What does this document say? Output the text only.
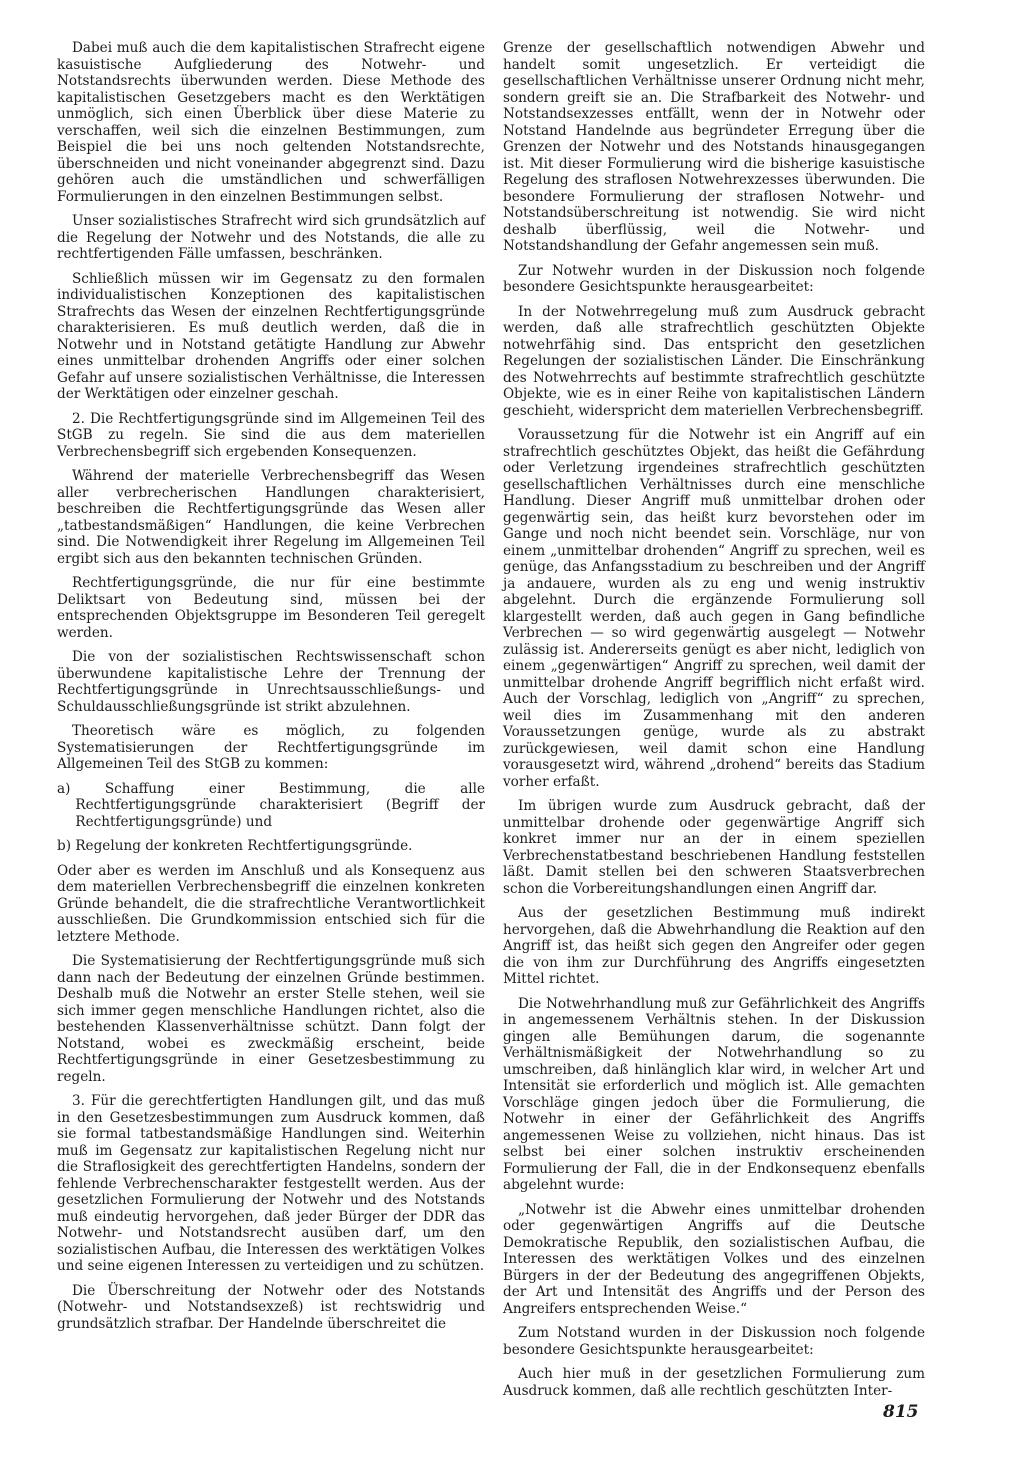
Dabei muß auch die dem kapitalistischen Strafrecht eigene kasuistische Aufgliederung des Notwehr- und Notstandsrechts überwunden werden. Diese Methode des kapitalistischen Gesetzgebers macht es den Werktätigen unmöglich, sich einen Überblick über diese Materie zu verschaffen, weil sich die einzelnen Bestimmungen, zum Beispiel die bei uns noch geltenden Notstandsrechte, überschneiden und nicht voneinander abgegrenzt sind. Dazu gehören auch die umständlichen und schwerfälligen Formulierungen in den einzelnen Bestimmungen selbst.

Unser sozialistisches Strafrecht wird sich grundsätzlich auf die Regelung der Notwehr und des Notstands, die alle zu rechtfertigenden Fälle umfassen, beschränken.

Schließlich müssen wir im Gegensatz zu den formalen individualistischen Konzeptionen des kapitalistischen Strafrechts das Wesen der einzelnen Rechtfertigungsgründe charakterisieren. Es muß deutlich werden, daß die in Notwehr und in Notstand getätigte Handlung zur Abwehr eines unmittelbar drohenden Angriffs oder einer solchen Gefahr auf unsere sozialistischen Verhältnisse, die Interessen der Werktätigen oder einzelner geschah.

2. Die Rechtfertigungsgründe sind im Allgemeinen Teil des StGB zu regeln. Sie sind die aus dem materiellen Verbrechensbegriff sich ergebenden Konsequenzen.

Während der materielle Verbrechensbegriff das Wesen aller verbrecherischen Handlungen charakterisiert, beschreiben die Rechtfertigungsgründe das Wesen aller „tatbestandsmäßigen“ Handlungen, die keine Verbrechen sind. Die Notwendigkeit ihrer Regelung im Allgemeinen Teil ergibt sich aus den bekannten technischen Gründen.

Rechtfertigungsgründe, die nur für eine bestimmte Deliktsart von Bedeutung sind, müssen bei der entsprechenden Objektsgruppe im Besonderen Teil geregelt werden.

Die von der sozialistischen Rechtswissenschaft schon überwundene kapitalistische Lehre der Trennung der Rechtfertigungsgründe in Unrechtsausschließungs- und Schuldausschließungsgründe ist strikt abzulehnen.

Theoretisch wäre es möglich, zu folgenden Systematisierungen der Rechtfertigungsgründe im Allgemeinen Teil des StGB zu kommen:

a) Schaffung einer Bestimmung, die alle Rechtfertigungsgründe charakterisiert (Begriff der Rechtfertigungsgründe) und

b) Regelung der konkreten Rechtfertigungsgründe.

Oder aber es werden im Anschluß und als Konsequenz aus dem materiellen Verbrechensbegriff die einzelnen konkreten Gründe behandelt, die die strafrechtliche Verantwortlichkeit ausschließen. Die Grundkommission entschied sich für die letztere Methode.

Die Systematisierung der Rechtfertigungsgründe muß sich dann nach der Bedeutung der einzelnen Gründe bestimmen. Deshalb muß die Notwehr an erster Stelle stehen, weil sie sich immer gegen menschliche Handlungen richtet, also die bestehenden Klassenverhältnisse schützt. Dann folgt der Notstand, wobei es zweckmäßig erscheint, beide Rechtfertigungsgründe in einer Gesetzesbestimmung zu regeln.

3. Für die gerechtfertigten Handlungen gilt, und das muß in den Gesetzesbestimmungen zum Ausdruck kommen, daß sie formal tatbestandsmäßige Handlungen sind. Weiterhin muß im Gegensatz zur kapitalistischen Regelung nicht nur die Straflosigkeit des gerechtfertigten Handelns, sondern der fehlende Verbrechenscharakter festgestellt werden. Aus der gesetzlichen Formulierung der Notwehr und des Notstands muß eindeutig hervorgehen, daß jeder Bürger der DDR das Notwehr- und Notstandsrecht ausüben darf, um den sozialistischen Aufbau, die Interessen des werktätigen Volkes und seine eigenen Interessen zu verteidigen und zu schützen.

Die Überschreitung der Notwehr oder des Notstands (Notwehr- und Notstandsexzeß) ist rechtswidrig und grundsätzlich strafbar. Der Handelnde überschreitet die

Grenze der gesellschaftlich notwendigen Abwehr und handelt somit ungesetzlich. Er verteidigt die gesellschaftlichen Verhältnisse unserer Ordnung nicht mehr, sondern greift sie an. Die Strafbarkeit des Notwehr- und Notstandsexzesses entfällt, wenn der in Notwehr oder Notstand Handelnde aus begründeter Erregung über die Grenzen der Notwehr und des Notstands hinausgegangen ist. Mit dieser Formulierung wird die bisherige kasuistische Regelung des straflosen Notwehrexzesses überwunden. Die besondere Formulierung der straflosen Notwehr- und Notstandsüberschreitung ist notwendig. Sie wird nicht deshalb überflüssig, weil die Notwehr- und Notstandshandlung der Gefahr angemessen sein muß.

Zur Notwehr wurden in der Diskussion noch folgende besondere Gesichtspunkte herausgearbeitet:

In der Notwehrregelung muß zum Ausdruck gebracht werden, daß alle strafrechtlich geschützten Objekte notwehrfähig sind. Das entspricht den gesetzlichen Regelungen der sozialistischen Länder. Die Einschränkung des Notwehrrechts auf bestimmte strafrechtlich geschützte Objekte, wie es in einer Reihe von kapitalistischen Ländern geschieht, widerspricht dem materiellen Verbrechensbegriff.

Voraussetzung für die Notwehr ist ein Angriff auf ein strafrechtlich geschütztes Objekt, das heißt die Gefährdung oder Verletzung irgendeines strafrechtlich geschützten gesellschaftlichen Verhältnisses durch eine menschliche Handlung. Dieser Angriff muß unmittelbar drohen oder gegenwärtig sein, das heißt kurz bevorstehen oder im Gange und noch nicht beendet sein. Vorschläge, nur von einem „unmittelbar drohenden“ Angriff zu sprechen, weil es genüge, das Anfangsstadium zu beschreiben und der Angriff ja andauere, wurden als zu eng und wenig instruktiv abgelehnt. Durch die ergänzende Formulierung soll klargestellt werden, daß auch gegen in Gang befindliche Verbrechen — so wird gegenwärtig ausgelegt — Notwehr zulässig ist. Andererseits genügt es aber nicht, lediglich von einem „gegenwärtigen“ Angriff zu sprechen, weil damit der unmittelbar drohende Angriff begrifflich nicht erfaßt wird. Auch der Vorschlag, lediglich von „Angriff“ zu sprechen, weil dies im Zusammenhang mit den anderen Voraussetzungen genüge, wurde als zu abstrakt zurückgewiesen, weil damit schon eine Handlung vorausgesetzt wird, während „drohend“ bereits das Stadium vorher erfaßt.

Im übrigen wurde zum Ausdruck gebracht, daß der unmittelbar drohende oder gegenwärtige Angriff sich konkret immer nur an der in einem speziellen Verbrechenstatbestand beschriebenen Handlung feststellen läßt. Damit stellen bei den schweren Staatsverbrechen schon die Vorbereitungshandlungen einen Angriff dar.

Aus der gesetzlichen Bestimmung muß indirekt hervorgehen, daß die Abwehrhandlung die Reaktion auf den Angriff ist, das heißt sich gegen den Angreifer oder gegen die von ihm zur Durchführung des Angriffs eingesetzten Mittel richtet.

Die Notwehrhandlung muß zur Gefährlichkeit des Angriffs in angemessenem Verhältnis stehen. In der Diskussion gingen alle Bemühungen darum, die sogenannte Verhältnismäßigkeit der Notwehrhandlung so zu umschreiben, daß hinlänglich klar wird, in welcher Art und Intensität sie erforderlich und möglich ist. Alle gemachten Vorschläge gingen jedoch über die Formulierung, die Notwehr in einer der Gefährlichkeit des Angriffs angemessenen Weise zu vollziehen, nicht hinaus. Das ist selbst bei einer solchen instruktiv erscheinenden Formulierung der Fall, die in der Endkonsequenz ebenfalls abgelehnt wurde:

„Notwehr ist die Abwehr eines unmittelbar drohenden oder gegenwärtigen Angriffs auf die Deutsche Demokratische Republik, den sozialistischen Aufbau, die Interessen des werktätigen Volkes und des einzelnen Bürgers in der der Bedeutung des angegriffenen Objekts, der Art und Intensität des Angriffs und der Person des Angreifers entsprechenden Weise.“

Zum Notstand wurden in der Diskussion noch folgende besondere Gesichtspunkte herausgearbeitet:

Auch hier muß in der gesetzlichen Formulierung zum Ausdruck kommen, daß alle rechtlich geschützten Inter-

815
